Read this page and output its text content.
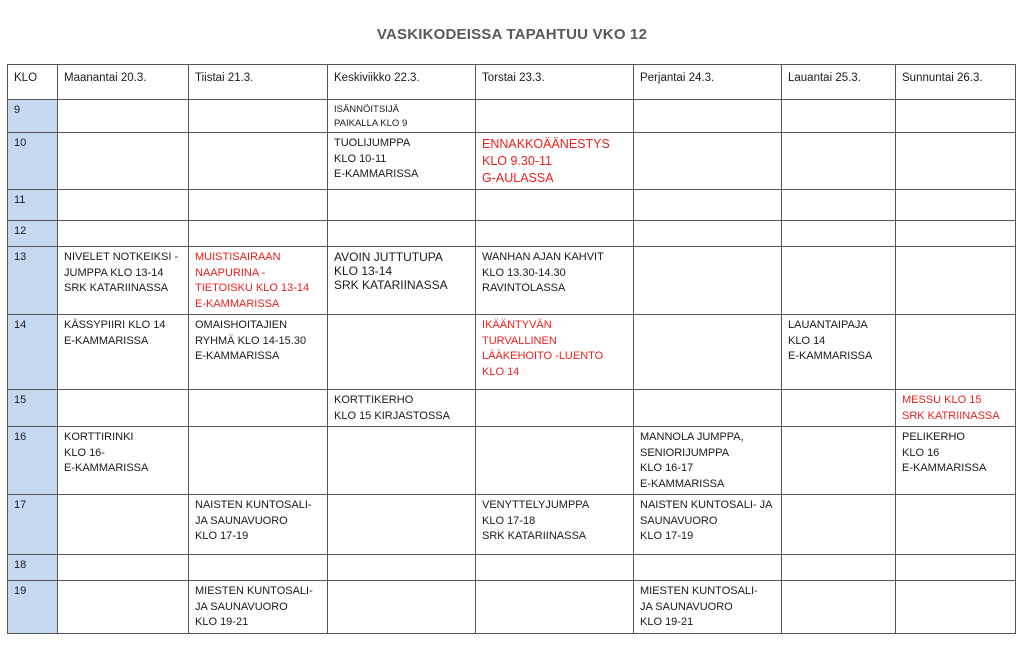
VASKIKODEISSA TAPAHTUU VKO 12
KLO	Maanantai 20.3.	Tiistai 21.3.	Keskiviikko 22.3.	Torstai 23.3.	Perjantai 24.3.	Lauantai 25.3.	Sunnuntai 26.3.
9			ISÄNNÖITSIJÄ
PAIKALLA KLO 9				

10			TUOLIJUMPPA
KLO 10-11
E-KAMMARISSA	ENNAKKOÄÄNESTYS
KLO 9.30-11
G-AULASSA			

11							
12							
13	NIVELET NOTKEIKSI -
JUMPPA KLO 13-14
SRK KATARIINASSA	MUISTISAIRAAN
NAAPURINA -
TIETOISKU KLO 13-14
E-KAMMARISSA	AVOIN JUTTUTUPA
KLO 13-14
SRK KATARIINASSA	WANHAN AJAN KAHVIT
KLO 13.30-14.30
RAVINTOLASSA			

14	KÄSSYPIIRI KLO 14
E-KAMMARISSA	OMAISHOITAJIEN
RYHMÄ KLO 14-15.30
E-KAMMARISSA		IKÄÄNTYVÄN
TURVALLINEN
LÄÄKEHOITO -LUENTO
KLO 14		LAUANTAIPAJA
KLO 14
E-KAMMARISSA	

15			KORTTIKERHO
KLO 15 KIRJASTOSSA				MESSU KLO 15
SRK KATRIINASSA

16	KORTTIRINKI
KLO 16-
E-KAMMARISSA				MANNOLA JUMPPA,
SENIORIJUMPPA
KLO 16-17
E-KAMMARISSA		PELIKERHO
KLO 16
E-KAMMARISSA

17		NAISTEN KUNTOSALI-
JA SAUNAVUORO
KLO 17-19		VENYTTELYJUMPPA
KLO 17-18
SRK KATARIINASSA	NAISTEN KUNTOSALI- JA
SAUNAVUORO
KLO 17-19		

18							
19		MIESTEN KUNTOSALI-
JA SAUNAVUORO
KLO 19-21			MIESTEN KUNTOSALI-
JA SAUNAVUORO
KLO 19-21		
